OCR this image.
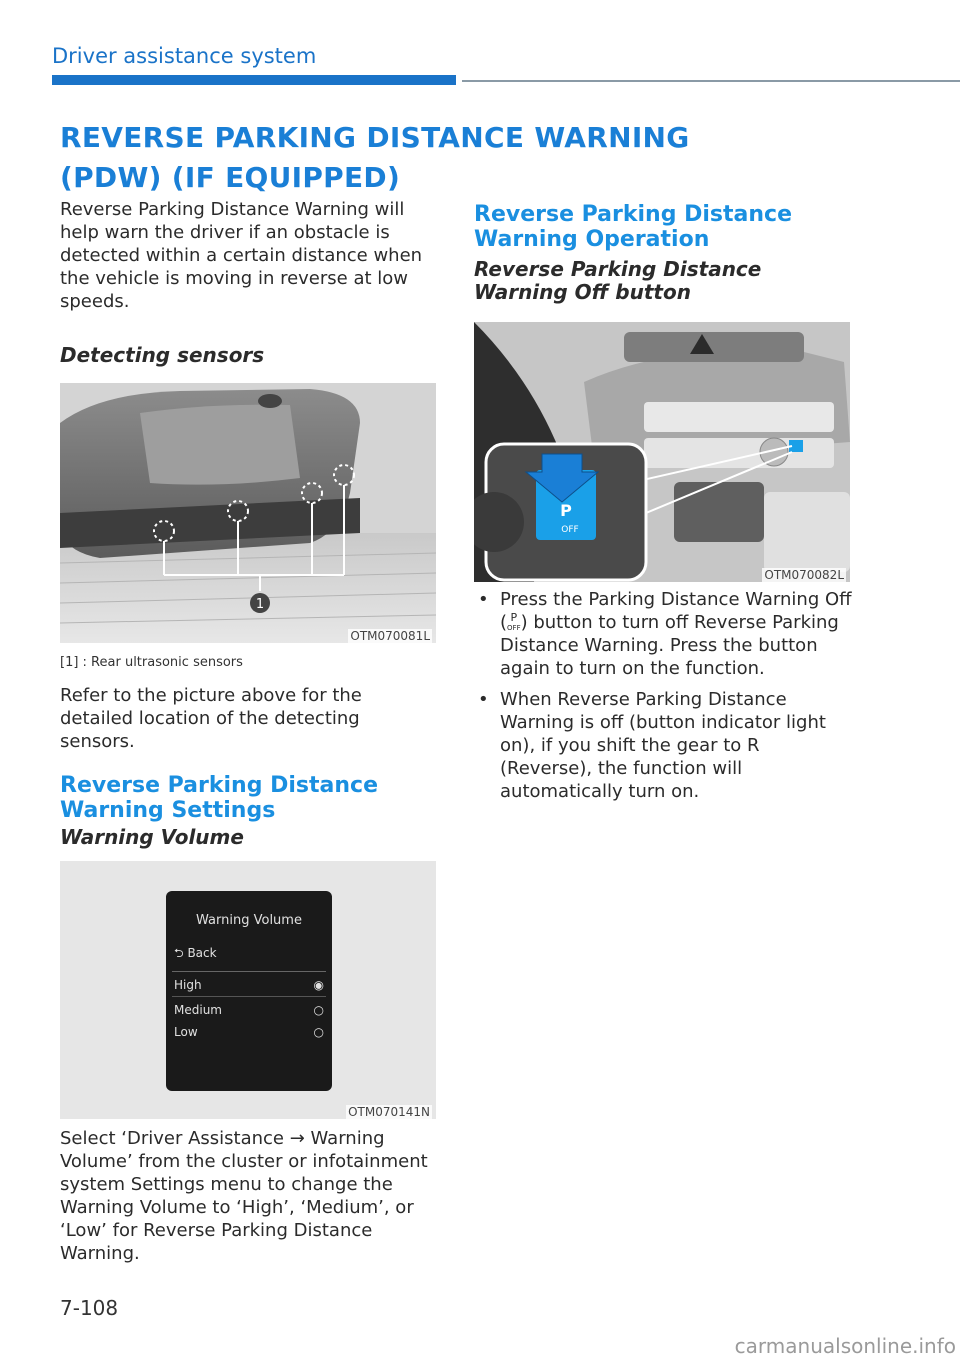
Driver assistance system
REVERSE PARKING DISTANCE WARNING (PDW) (IF EQUIPPED)

Reverse Parking Distance Warning will help warn the driver if an obstacle is detected within a certain distance when the vehicle is moving in reverse at low speeds.

Detecting sensors

1
OTM070081L

[1] : Rear ultrasonic sensors

Refer to the picture above for the detailed location of the detecting sensors.

Reverse Parking Distance Warning Settings

Warning Volume

Warning Volume
⮌ Back
High	◉
Medium	○
Low	○
OTM070141N

Select ‘Driver Assistance → Warning Volume’ from the cluster or infotainment system Settings menu to change the Warning Volume to ‘High’, ‘Medium’, or ‘Low’ for Reverse Parking Distance Warning.

Reverse Parking Distance Warning Operation

Reverse Parking Distance Warning Off button

P
OFF
OTM070082L
• Press the Parking Distance Warning Off ( P
OFF ) button to turn off Reverse Parking Distance Warning. Press the button again to turn on the function.
• When Reverse Parking Distance Warning is off (button indicator light on), if you shift the gear to R (Reverse), the function will automatically turn on.
7-108
carmanualsonline.info
